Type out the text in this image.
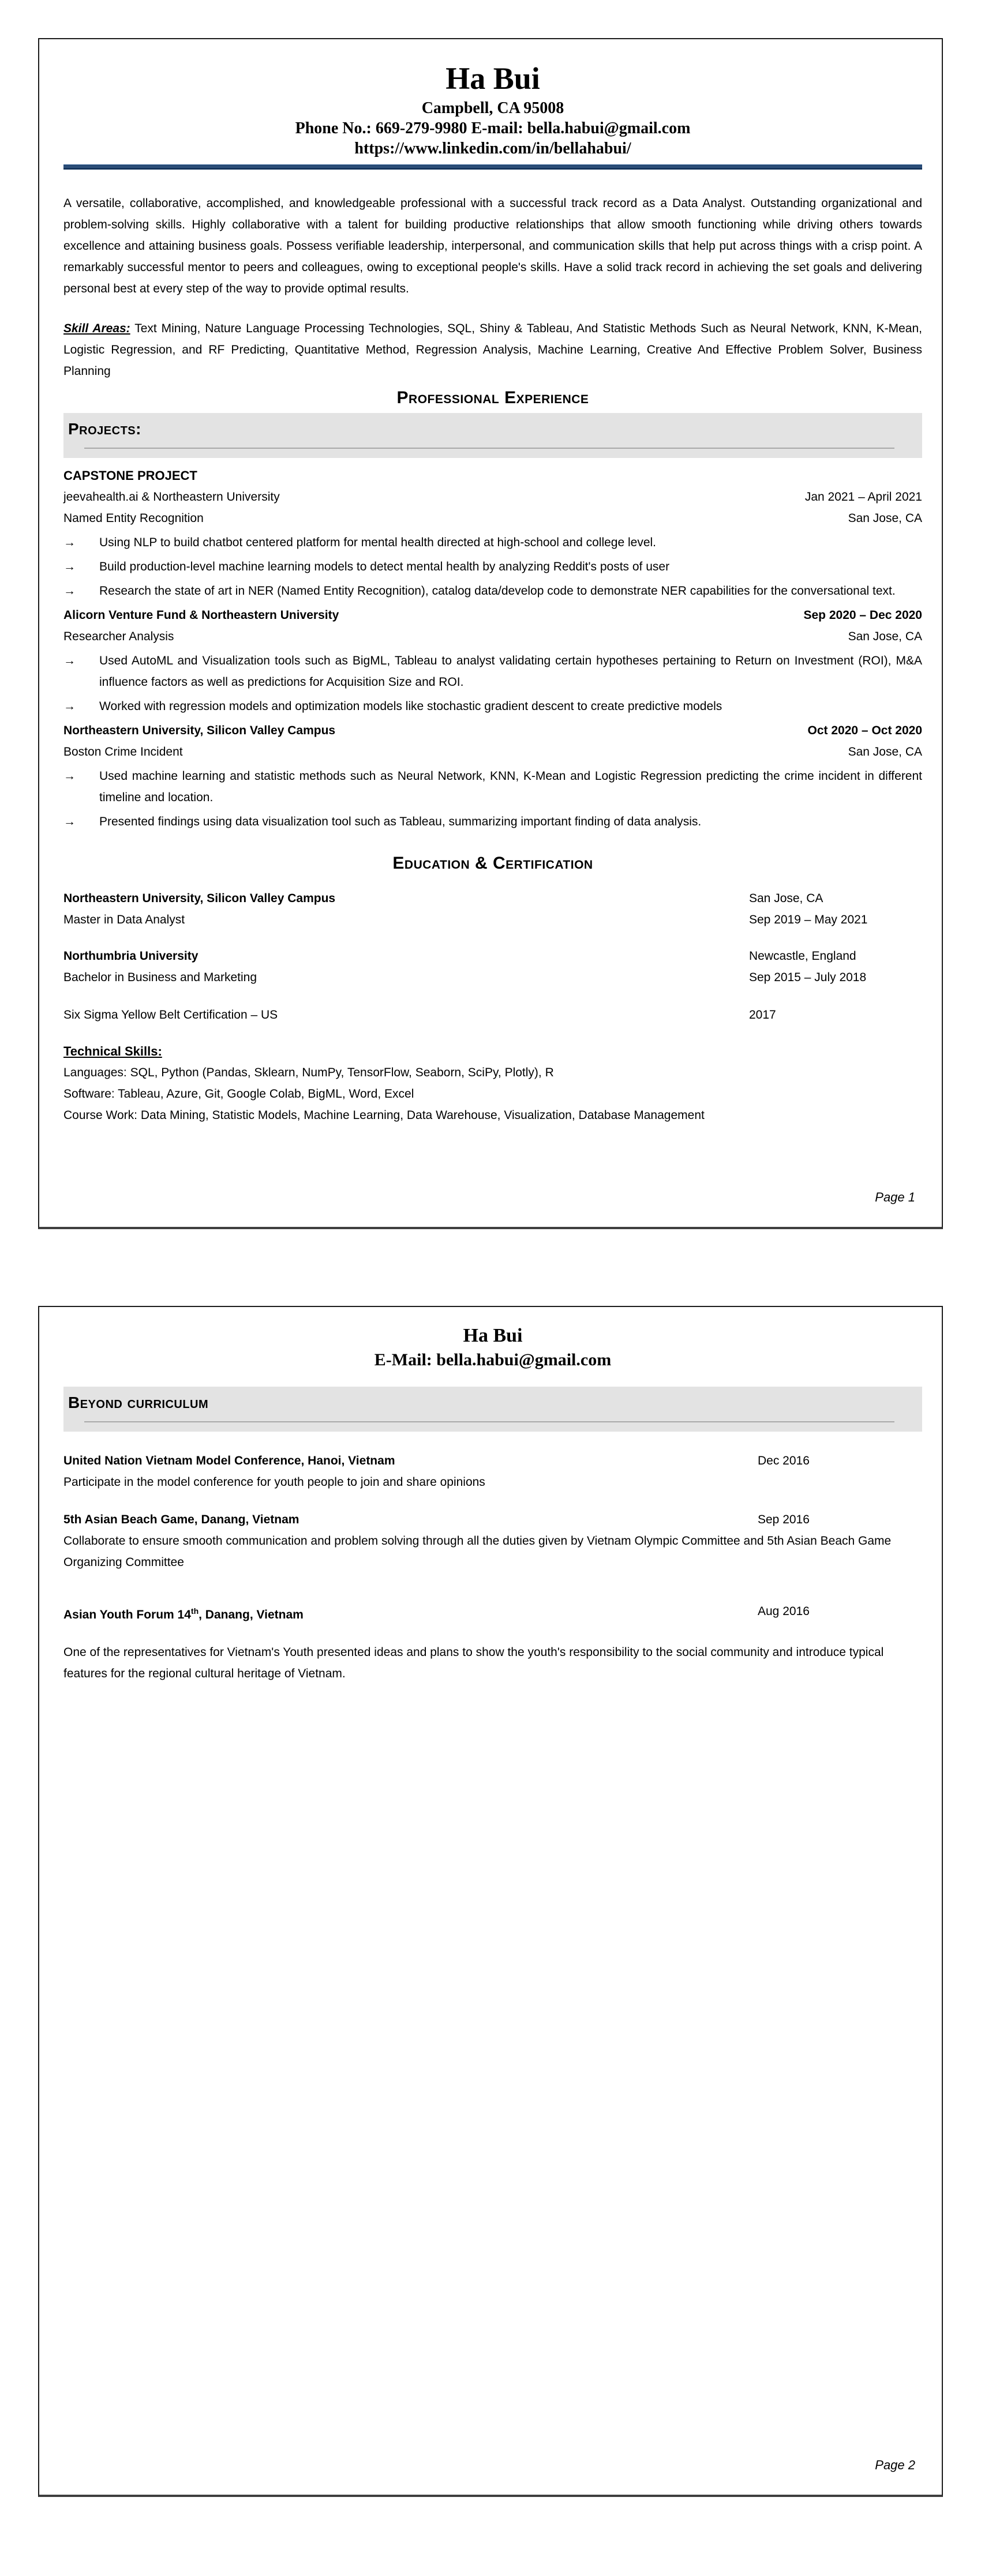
Ha Bui
Campbell, CA 95008
Phone No.: 669-279-9980 E-mail: bella.habui@gmail.com
https://www.linkedin.com/in/bellahabui/

A versatile, collaborative, accomplished, and knowledgeable professional with a successful track record as a Data Analyst. Outstanding organizational and problem-solving skills. Highly collaborative with a talent for building productive relationships that allow smooth functioning while driving others towards excellence and attaining business goals. Possess verifiable leadership, interpersonal, and communication skills that help put across things with a crisp point. A remarkably successful mentor to peers and colleagues, owing to exceptional people's skills. Have a solid track record in achieving the set goals and delivering personal best at every step of the way to provide optimal results.

Skill Areas: Text Mining, Nature Language Processing Technologies, SQL, Shiny & Tableau, And Statistic Methods Such as Neural Network, KNN, K-Mean, Logistic Regression, and RF Predicting, Quantitative Method, Regression Analysis, Machine Learning, Creative And Effective Problem Solver, Business Planning

Professional Experience
Projects:
CAPSTONE PROJECT
jeevahealth.ai & Northeastern University	Jan 2021 – April 2021
Named Entity Recognition	San Jose, CA
→	Using NLP to build chatbot centered platform for mental health directed at high-school and college level.
→	Build production-level machine learning models to detect mental health by analyzing Reddit's posts of user
→	Research the state of art in NER (Named Entity Recognition), catalog data/develop code to demonstrate NER capabilities for the conversational text.
Alicorn Venture Fund & Northeastern University	Sep 2020 – Dec 2020
Researcher Analysis	San Jose, CA
→	Used AutoML and Visualization tools such as BigML, Tableau to analyst validating certain hypotheses pertaining to Return on Investment (ROI), M&A influence factors as well as predictions for Acquisition Size and ROI.
→	Worked with regression models and optimization models like stochastic gradient descent to create predictive models
Northeastern University, Silicon Valley Campus	Oct 2020 – Oct 2020
Boston Crime Incident	San Jose, CA
→	Used machine learning and statistic methods such as Neural Network, KNN, K-Mean and Logistic Regression predicting the crime incident in different timeline and location.
→	Presented findings using data visualization tool such as Tableau, summarizing important finding of data analysis.
Education & Certification
Northeastern University, Silicon Valley Campus	San Jose, CA
Master in Data Analyst	Sep 2019 – May 2021
Northumbria University	Newcastle, England
Bachelor in Business and Marketing	Sep 2015 – July 2018
Six Sigma Yellow Belt Certification – US	2017
Technical Skills:
Languages: SQL, Python (Pandas, Sklearn, NumPy, TensorFlow, Seaborn, SciPy, Plotly), R
Software: Tableau, Azure, Git, Google Colab, BigML, Word, Excel
Course Work: Data Mining, Statistic Models, Machine Learning, Data Warehouse, Visualization, Database Management
Page 1
Ha Bui
E-Mail: bella.habui@gmail.com
Beyond curriculum
United Nation Vietnam Model Conference, Hanoi, Vietnam	Dec 2016
Participate in the model conference for youth people to join and share opinions
5th Asian Beach Game, Danang, Vietnam	Sep 2016
Collaborate to ensure smooth communication and problem solving through all the duties given by Vietnam Olympic Committee and 5th Asian Beach Game Organizing Committee
Asian Youth Forum 14th, Danang, Vietnam	Aug 2016
One of the representatives for Vietnam's Youth presented ideas and plans to show the youth's responsibility to the social community and introduce typical features for the regional cultural heritage of Vietnam.
Page 2
